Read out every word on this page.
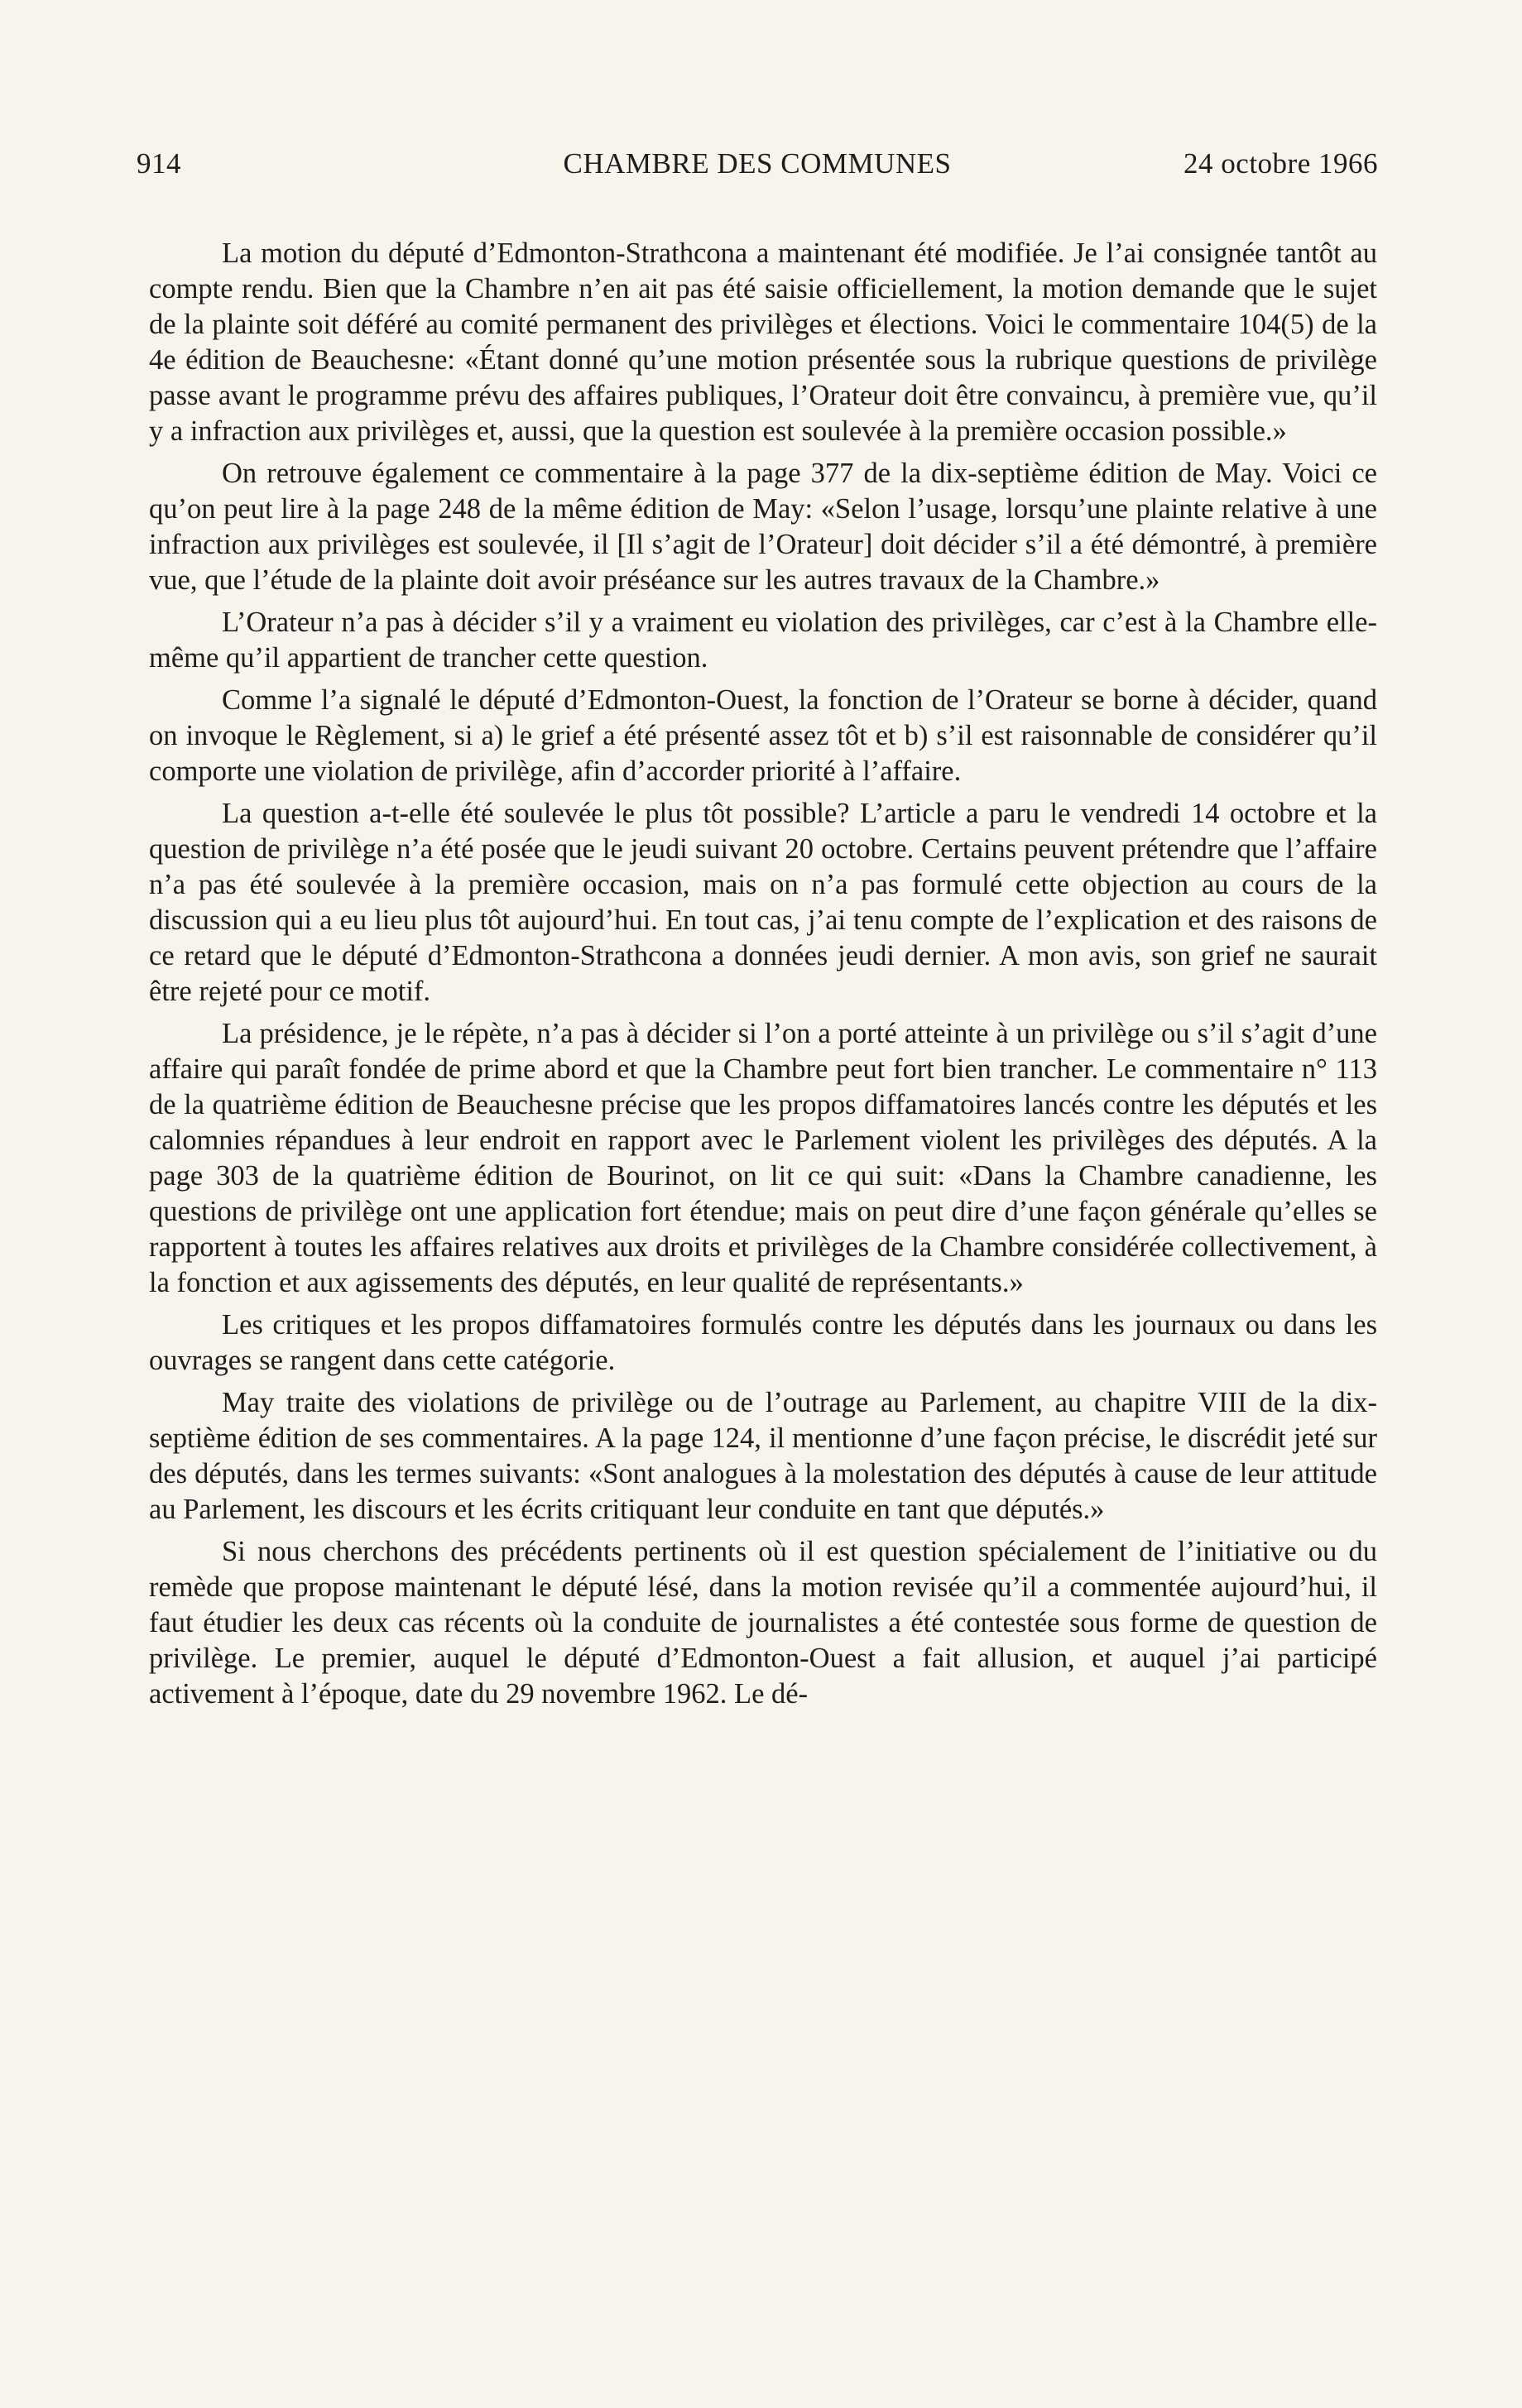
914	CHAMBRE DES COMMUNES	24 octobre 1966

La motion du député d’Edmonton-Strathcona a maintenant été modifiée. Je l’ai consignée tantôt au compte rendu. Bien que la Chambre n’en ait pas été saisie officiellement, la motion demande que le sujet de la plainte soit déféré au comité permanent des privilèges et élections. Voici le commentaire 104(5) de la 4e édition de Beauchesne: «Étant donné qu’une motion présentée sous la rubrique questions de privilège passe avant le programme prévu des affaires publiques, l’Orateur doit être convaincu, à première vue, qu’il y a infraction aux privilèges et, aussi, que la question est soulevée à la première occasion possible.»

On retrouve également ce commentaire à la page 377 de la dix-septième édition de May. Voici ce qu’on peut lire à la page 248 de la même édition de May: «Selon l’usage, lorsqu’une plainte relative à une infraction aux privilèges est soulevée, il [Il s’agit de l’Orateur] doit décider s’il a été démontré, à première vue, que l’étude de la plainte doit avoir préséance sur les autres travaux de la Chambre.»

L’Orateur n’a pas à décider s’il y a vraiment eu violation des privilèges, car c’est à la Chambre elle-même qu’il appartient de trancher cette question.

Comme l’a signalé le député d’Edmonton-Ouest, la fonction de l’Orateur se borne à décider, quand on invoque le Règlement, si a) le grief a été présenté assez tôt et b) s’il est raisonnable de considérer qu’il comporte une violation de privilège, afin d’accorder priorité à l’affaire.

La question a-t-elle été soulevée le plus tôt possible? L’article a paru le vendredi 14 octobre et la question de privilège n’a été posée que le jeudi suivant 20 octobre. Certains peuvent prétendre que l’affaire n’a pas été soulevée à la première occasion, mais on n’a pas formulé cette objection au cours de la discussion qui a eu lieu plus tôt aujourd’hui. En tout cas, j’ai tenu compte de l’explication et des raisons de ce retard que le député d’Edmonton-Strathcona a données jeudi dernier. A mon avis, son grief ne saurait être rejeté pour ce motif.

La présidence, je le répète, n’a pas à décider si l’on a porté atteinte à un privilège ou s’il s’agit d’une affaire qui paraît fondée de prime abord et que la Chambre peut fort bien trancher. Le commentaire n° 113 de la quatrième édition de Beauchesne précise que les propos diffamatoires lancés contre les députés et les calomnies répandues à leur endroit en rapport avec le Parlement violent les privilèges des députés. A la page 303 de la quatrième édition de Bourinot, on lit ce qui suit: «Dans la Chambre canadienne, les questions de privilège ont une application fort étendue; mais on peut dire d’une façon générale qu’elles se rapportent à toutes les affaires relatives aux droits et privilèges de la Chambre considérée collectivement, à la fonction et aux agissements des députés, en leur qualité de représentants.»

Les critiques et les propos diffamatoires formulés contre les députés dans les journaux ou dans les ouvrages se rangent dans cette catégorie.

May traite des violations de privilège ou de l’outrage au Parlement, au chapitre VIII de la dix-septième édition de ses commentaires. A la page 124, il mentionne d’une façon précise, le discrédit jeté sur des députés, dans les termes suivants: «Sont analogues à la molestation des députés à cause de leur attitude au Parlement, les discours et les écrits critiquant leur conduite en tant que députés.»

Si nous cherchons des précédents pertinents où il est question spécialement de l’initiative ou du remède que propose maintenant le député lésé, dans la motion revisée qu’il a commentée aujourd’hui, il faut étudier les deux cas récents où la conduite de journalistes a été contestée sous forme de question de privilège. Le premier, auquel le député d’Edmonton-Ouest a fait allusion, et auquel j’ai participé activement à l’époque, date du 29 novembre 1962. Le dé-
